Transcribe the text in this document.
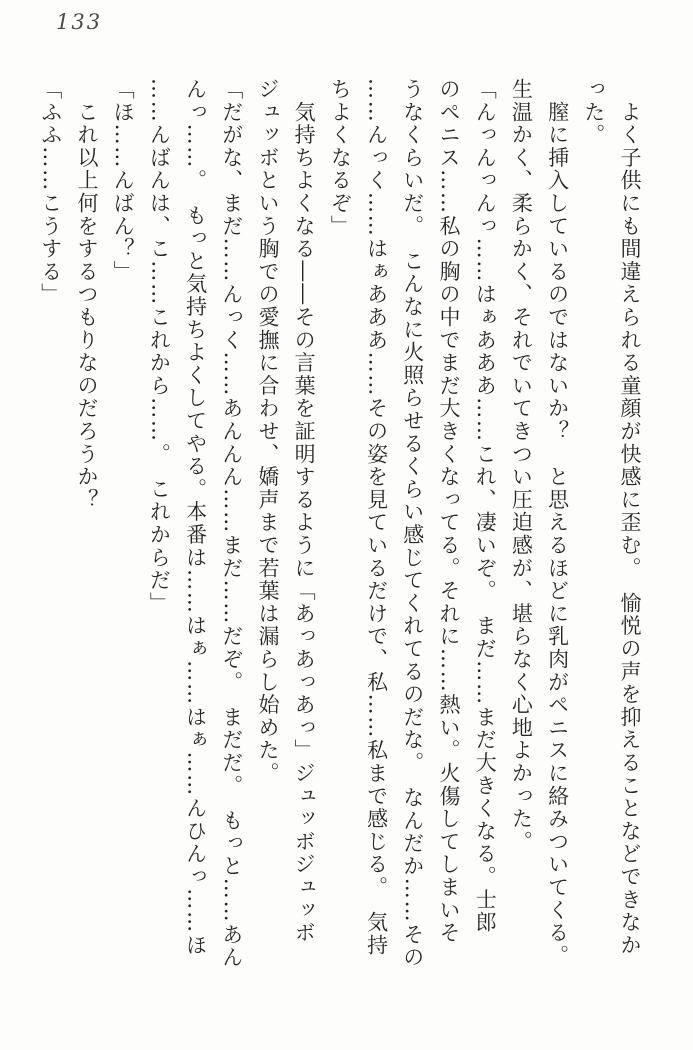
133
　よく子供にも間違えられる童顔が快感に歪む。　愉悦の声を抑えることなどできなか
った。
　膣に挿入しているのではないか？　と思えるほどに乳肉がペニスに絡みついてくる。
生温かく、柔らかく、それでいてきつい圧迫感が、堪らなく心地よかった。
「んっんっんっ……はぁあああ……これ、凄いぞ。　まだ……まだ大きくなる。士郎
のペニス……私の胸の中でまだ大きくなってる。それに……熱い。火傷してしまいそ
うなくらいだ。　こんなに火照らせるくらい感じてくれてるのだな。　なんだか……その
……んっく……はぁあああ……その姿を見ているだけで、私……私まで感じる。　気持
ちよくなるぞ」
　気持ちよくなる――その言葉を証明するように「あっあっあっ」ジュッボジュッボ
ジュッボという胸での愛撫に合わせ、嬌声まで若葉は漏らし始めた。
「だがな、まだ……んっく……あんんん……まだ……だぞ。　まだだ。　もっと……あん
んっ……。　もっと気持ちよくしてやる。本番は……はぁ……はぁ……んひんっ……ほ
……んばんは、こ……これから……。　これからだ」
「ほ……んばん？」
　これ以上何をするつもりなのだろうか？
「ふふ……こうする」
